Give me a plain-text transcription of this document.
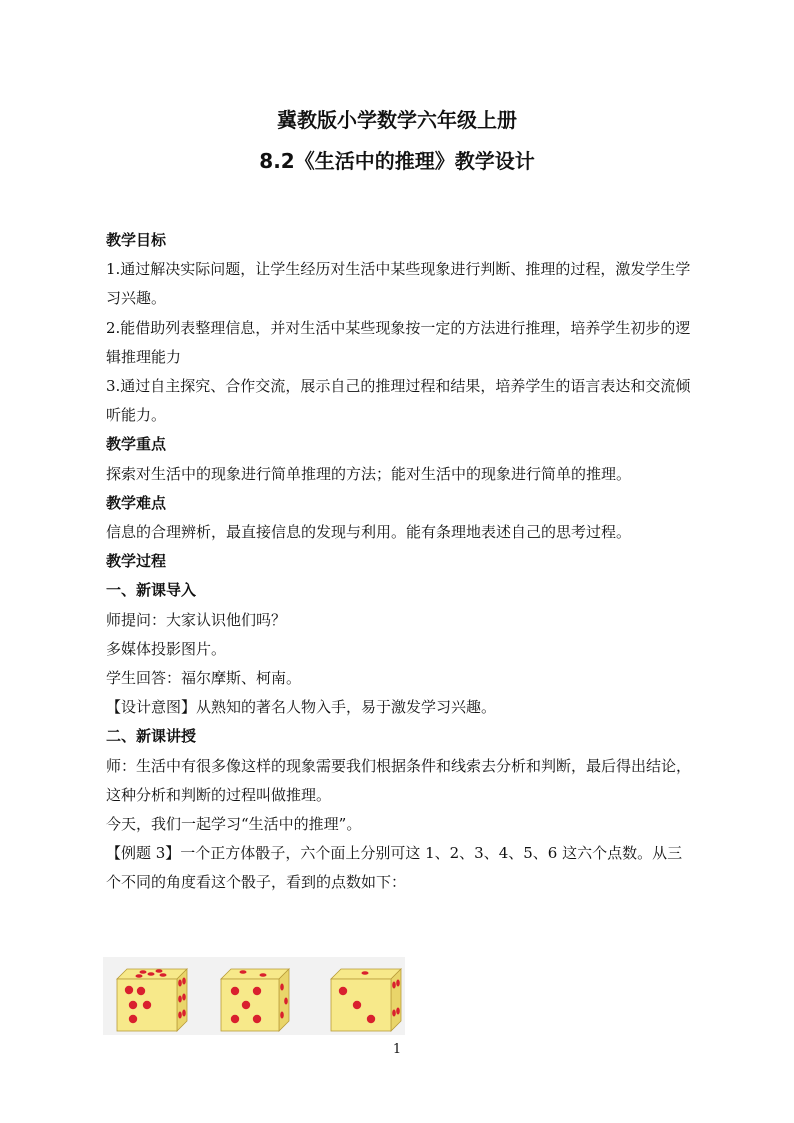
冀教版小学数学六年级上册
8.2《生活中的推理》教学设计

教学目标

1.通过解决实际问题，让学生经历对生活中某些现象进行判断、推理的过程，激发学生学习兴趣。

2.能借助列表整理信息，并对生活中某些现象按一定的方法进行推理，培养学生初步的逻辑推理能力

3.通过自主探究、合作交流，展示自己的推理过程和结果，培养学生的语言表达和交流倾听能力。

教学重点

探索对生活中的现象进行简单推理的方法；能对生活中的现象进行简单的推理。

教学难点

信息的合理辨析，最直接信息的发现与利用。能有条理地表述自己的思考过程。

教学过程

一、新课导入

师提问：大家认识他们吗？

多媒体投影图片。

学生回答：福尔摩斯、柯南。

【设计意图】从熟知的著名人物入手，易于激发学习兴趣。

二、新课讲授

师：生活中有很多像这样的现象需要我们根据条件和线索去分析和判断，最后得出结论，这种分析和判断的过程叫做推理。

今天，我们一起学习“生活中的推理”。

【例题 3】一个正方体骰子，六个面上分别可这 1、2、3、4、5、6 这六个点数。从三个不同的角度看这个骰子，看到的点数如下：

1
